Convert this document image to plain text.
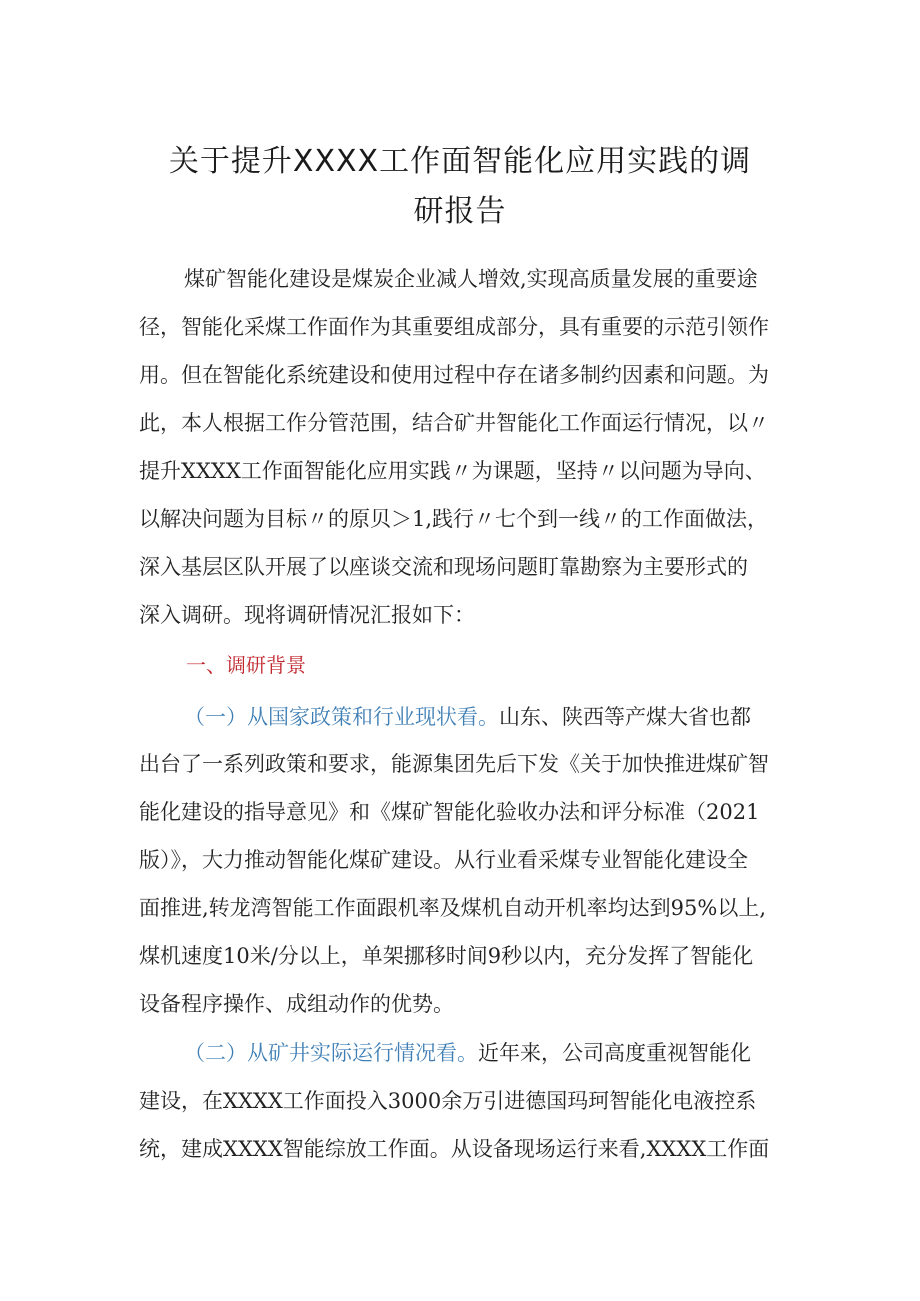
关于提升XXXX工作面智能化应用实践的调
研报告
煤矿智能化建设是煤炭企业减人增效,实现高质量发展的重要途
径，智能化采煤工作面作为其重要组成部分，具有重要的示范引领作
用。但在智能化系统建设和使用过程中存在诸多制约因素和问题。为
此，本人根据工作分管范围，结合矿井智能化工作面运行情况，以〃
提升XXXX工作面智能化应用实践〃为课题，坚持〃以问题为导向、
以解决问题为目标〃的原贝＞1,践行〃七个到一线〃的工作面做法，
深入基层区队开展了以座谈交流和现场问题盯靠勘察为主要形式的
深入调研。现将调研情况汇报如下：
一、调研背景
（一）从国家政策和行业现状看。山东、陕西等产煤大省也都
出台了一系列政策和要求，能源集团先后下发《关于加快推进煤矿智
能化建设的指导意见》和《煤矿智能化验收办法和评分标准（2021
版）》，大力推动智能化煤矿建设。从行业看采煤专业智能化建设全
面推进,转龙湾智能工作面跟机率及煤机自动开机率均达到95%以上,
煤机速度10米/分以上，单架挪移时间9秒以内，充分发挥了智能化
设备程序操作、成组动作的优势。
（二）从矿井实际运行情况看。近年来，公司高度重视智能化
建设，在XXXX工作面投入3000余万引进德国玛珂智能化电液控系
统，建成XXXX智能综放工作面。从设备现场运行来看,XXXX工作面
